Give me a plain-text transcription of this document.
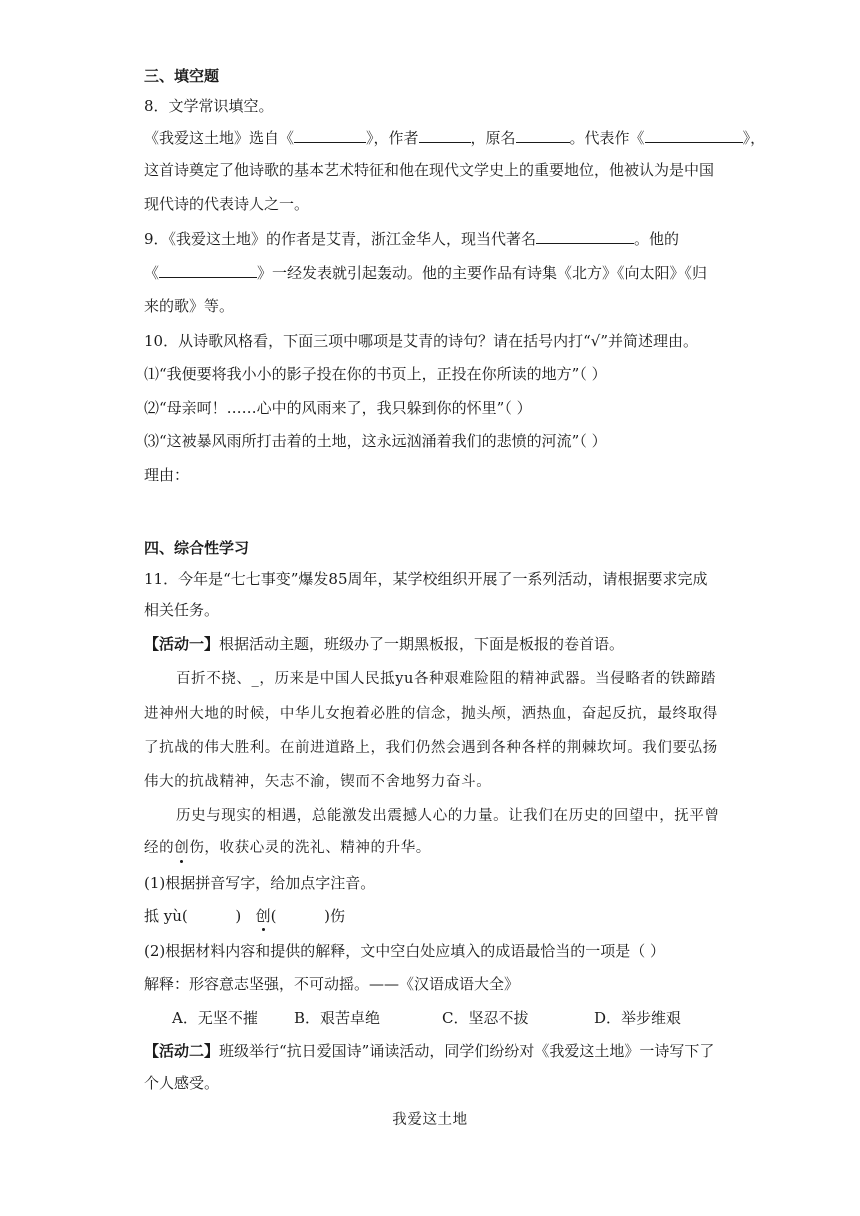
三、填空题
8．文学常识填空。
《我爱这土地》选自《	》，作者	，原名	。代表作《	》，
这首诗奠定了他诗歌的基本艺术特征和他在现代文学史上的重要地位，他被认为是中国
现代诗的代表诗人之一。
9．《我爱这土地》的作者是艾青，浙江金华人，现当代著名	。他的
《	》一经发表就引起轰动。他的主要作品有诗集《北方》《向太阳》《归
来的歌》等。
10．从诗歌风格看，下面三项中哪项是艾青的诗句？请在括号内打“√”并简述理由。
⑴“我便要将我小小的影子投在你的书页上，正投在你所读的地方”（ ）
⑵“母亲呵！……心中的风雨来了，我只躲到你的怀里”（ ）
⑶“这被暴风雨所打击着的土地，这永远汹涌着我们的悲愤的河流”（ ）
理由：
四、综合性学习
11．今年是“七七事变”爆发85周年，某学校组织开展了一系列活动，请根据要求完成
相关任务。
【活动一】根据活动主题，班级办了一期黑板报，下面是板报的卷首语。
百折不挠、_，历来是中国人民抵yu各种艰难险阻的精神武器。当侵略者的铁蹄踏
进神州大地的时候，中华儿女抱着必胜的信念，抛头颅，洒热血，奋起反抗，最终取得
了抗战的伟大胜利。在前进道路上，我们仍然会遇到各种各样的荆棘坎坷。我们要弘扬
伟大的抗战精神，矢志不渝，锲而不舍地努力奋斗。
历史与现实的相遇，总能激发出震撼人心的力量。让我们在历史的回望中，抚平曾
经的创伤，收获心灵的洗礼、精神的升华。
(1)根据拼音写字，给加点字注音。
抵 yù(          )   创(          )伤
(2)根据材料内容和提供的解释，文中空白处应填入的成语最恰当的一项是（ ）
解释：形容意志坚强，不可动摇。——《汉语成语大全》
A．无坚不摧 B．艰苦卓绝	C．坚忍不拔	D．举步维艰
【活动二】班级举行“抗日爱国诗”诵读活动，同学们纷纷对《我爱这土地》一诗写下了
个人感受。
我爱这土地
